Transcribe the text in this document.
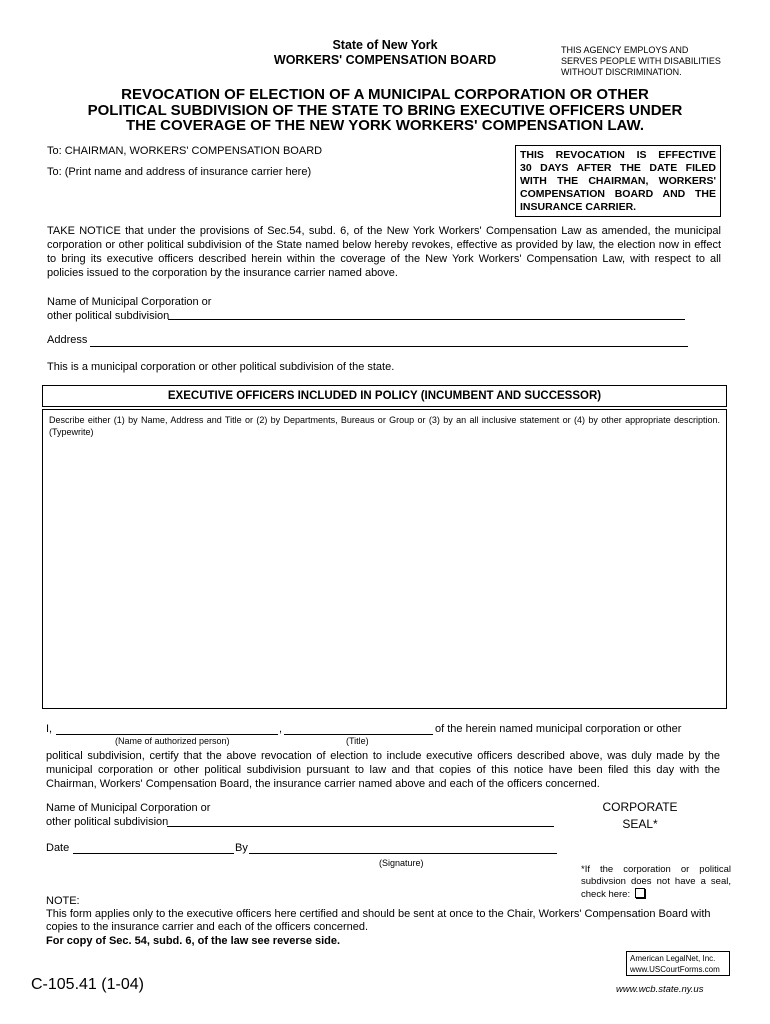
State of New York
WORKERS' COMPENSATION BOARD
THIS AGENCY EMPLOYS AND
SERVES PEOPLE WITH DISABILITIES
WITHOUT DISCRIMINATION.
REVOCATION OF ELECTION OF A MUNICIPAL CORPORATION OR OTHER
POLITICAL SUBDIVISION OF THE STATE TO BRING EXECUTIVE OFFICERS UNDER
THE COVERAGE OF THE NEW YORK WORKERS' COMPENSATION LAW.
To: CHAIRMAN, WORKERS' COMPENSATION BOARD
To: (Print name and address of insurance carrier here)
THIS REVOCATION IS EFFECTIVE
30 DAYS AFTER THE DATE FILED
WITH THE CHAIRMAN, WORKERS'
COMPENSATION BOARD AND THE
INSURANCE CARRIER.
TAKE NOTICE that under the provisions of Sec.54, subd. 6, of the New York Workers' Compensation Law as amended, the municipal corporation or other political subdivision of the State named below hereby revokes, effective as provided by law, the election now in effect to bring its executive officers described herein within the coverage of the New York Workers' Compensation Law, with respect to all policies issued to the corporation by the insurance carrier named above.
Name of Municipal Corporation or
other political subdivision
Address
This is a municipal corporation or other political subdivision of the state.
EXECUTIVE OFFICERS INCLUDED IN POLICY (INCUMBENT AND SUCCESSOR)
Describe either (1) by Name, Address and Title or (2) by Departments, Bureaus or Group or (3) by an all inclusive statement or (4) by other appropriate description. (Typewrite)
I,	,	of the herein named municipal corporation or other
(Name of authorized person)	(Title)
political subdivision, certify that the above revocation of election to include executive officers described above, was duly made by the municipal corporation or other political subdivision pursuant to law and that copies of this notice have been filed this day with the Chairman, Workers' Compensation Board, the insurance carrier named above and each of the officers concerned.
Name of Municipal Corporation or
other political subdivision
CORPORATE
SEAL*
Date	By
(Signature)
*If the corporation or political subdivsion does not have a seal, check here:
NOTE:
This form applies only to the executive officers here certified and should be sent at once to the Chair, Workers' Compensation Board with copies to the insurance carrier and each of the officers concerned.
For copy of Sec. 54, subd. 6, of the law see reverse side.
American LegalNet, Inc.
www.USCourtForms.com
C-105.41 (1-04)	www.wcb.state.ny.us
